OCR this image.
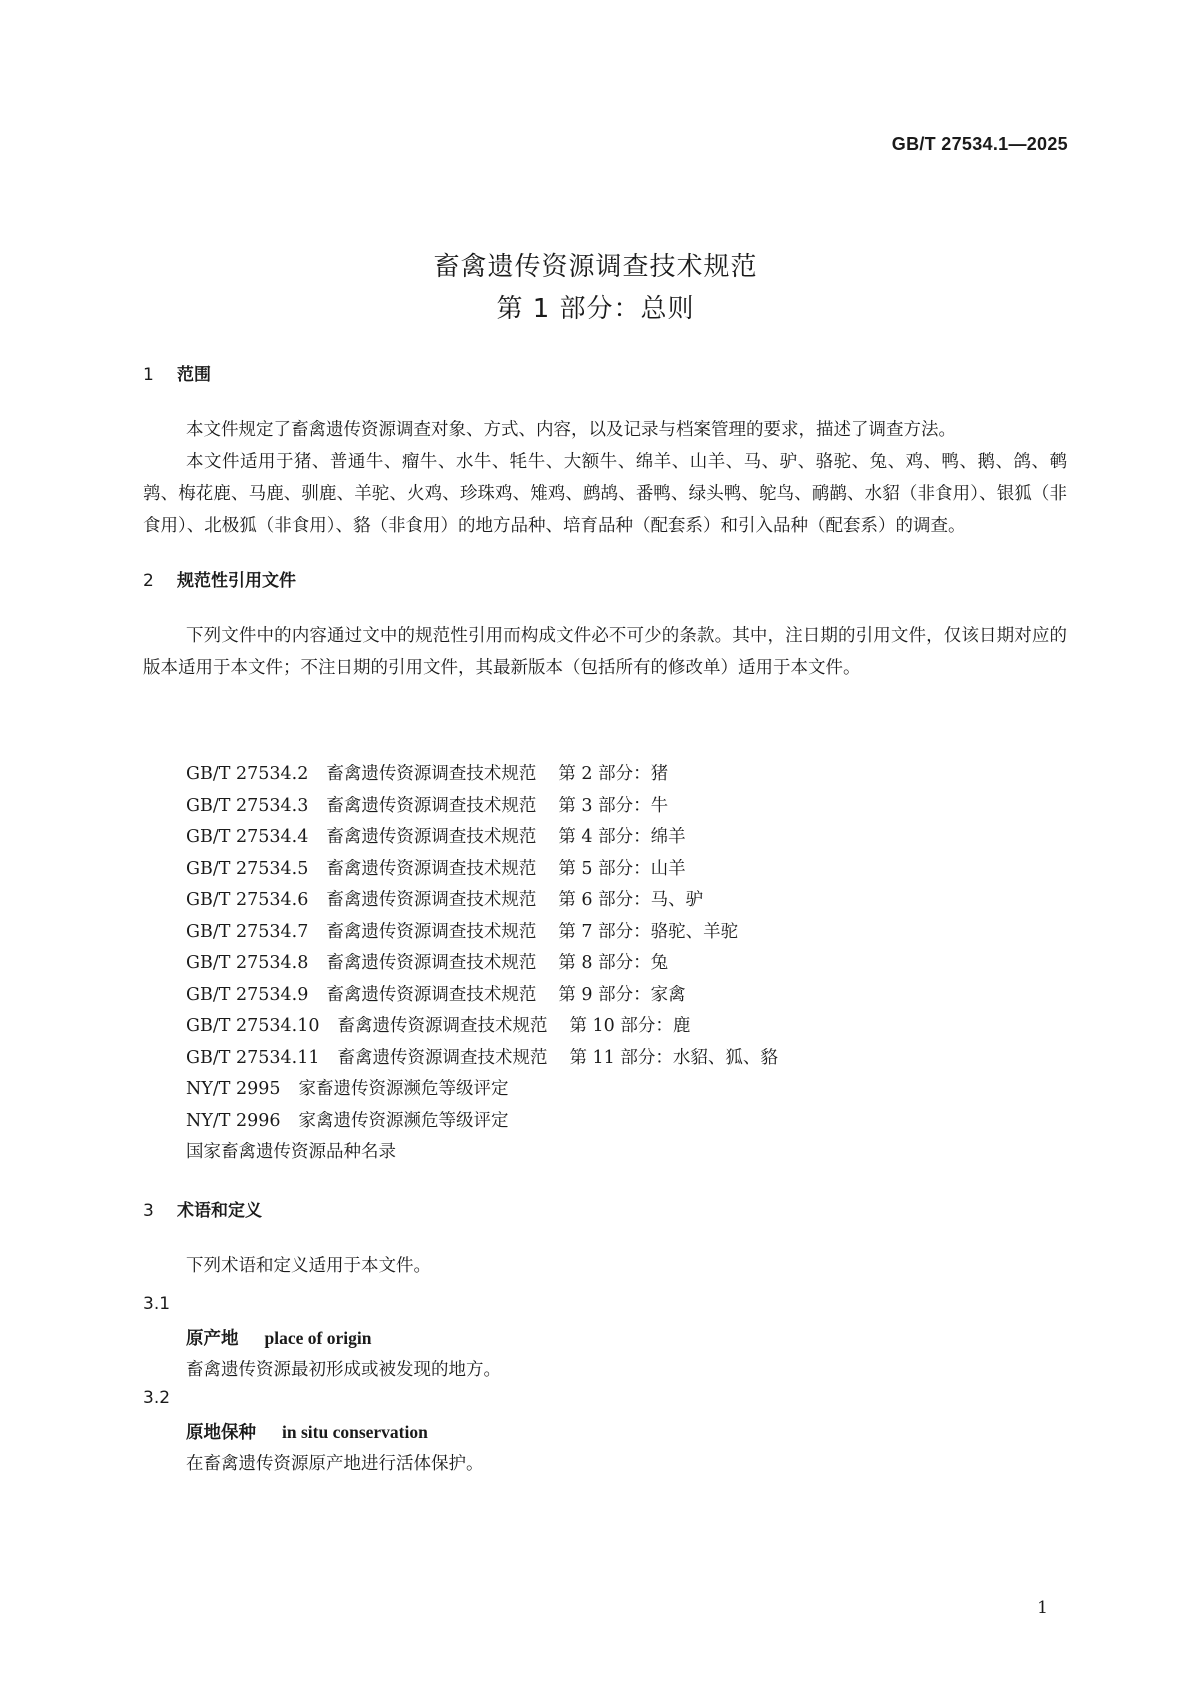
GB/T 27534.1—2025
畜禽遗传资源调查技术规范
第 1 部分：总则
1 范围

本文件规定了畜禽遗传资源调查对象、方式、内容，以及记录与档案管理的要求，描述了调查方法。

本文件适用于猪、普通牛、瘤牛、水牛、牦牛、大额牛、绵羊、山羊、马、驴、骆驼、兔、鸡、鸭、鹅、鸽、鹌鹑、梅花鹿、马鹿、驯鹿、羊驼、火鸡、珍珠鸡、雉鸡、鹧鸪、番鸭、绿头鸭、鸵鸟、鸸鹋、水貂（非食用）、银狐（非食用）、北极狐（非食用）、貉（非食用）的地方品种、培育品种（配套系）和引入品种（配套系）的调查。

2 规范性引用文件

下列文件中的内容通过文中的规范性引用而构成文件必不可少的条款。其中，注日期的引用文件，仅该日期对应的版本适用于本文件；不注日期的引用文件，其最新版本（包括所有的修改单）适用于本文件。

GB/T 27534.2 畜禽遗传资源调查技术规范 第 2 部分：猪
GB/T 27534.3 畜禽遗传资源调查技术规范 第 3 部分：牛
GB/T 27534.4 畜禽遗传资源调查技术规范 第 4 部分：绵羊
GB/T 27534.5 畜禽遗传资源调查技术规范 第 5 部分：山羊
GB/T 27534.6 畜禽遗传资源调查技术规范 第 6 部分：马、驴
GB/T 27534.7 畜禽遗传资源调查技术规范 第 7 部分：骆驼、羊驼
GB/T 27534.8 畜禽遗传资源调查技术规范 第 8 部分：兔
GB/T 27534.9 畜禽遗传资源调查技术规范 第 9 部分：家禽
GB/T 27534.10 畜禽遗传资源调查技术规范 第 10 部分：鹿
GB/T 27534.11 畜禽遗传资源调查技术规范 第 11 部分：水貂、狐、貉
NY/T 2995 家畜遗传资源濒危等级评定
NY/T 2996 家禽遗传资源濒危等级评定
国家畜禽遗传资源品种名录
3 术语和定义

下列术语和定义适用于本文件。

3.1
原产地 place of origin
畜禽遗传资源最初形成或被发现的地方。
3.2
原地保种 in situ conservation
在畜禽遗传资源原产地进行活体保护。
1
